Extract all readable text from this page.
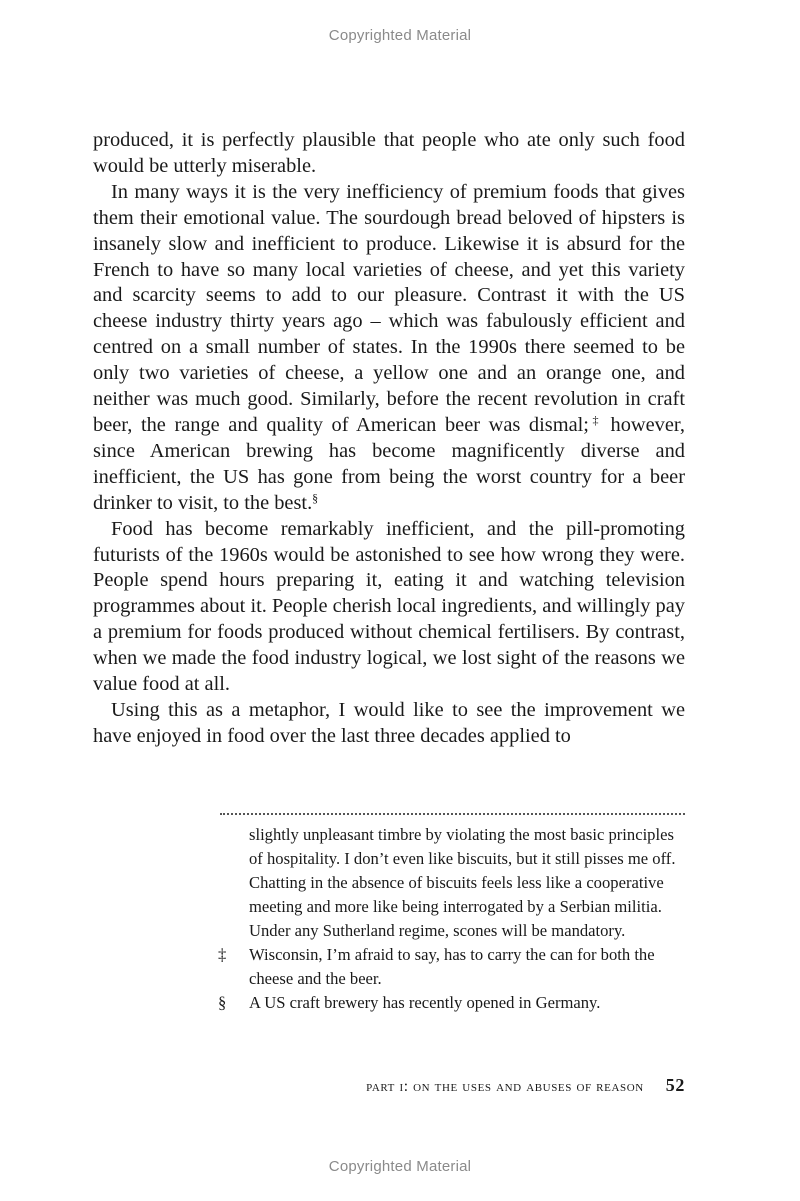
Copyrighted Material

produced, it is perfectly plausible that people who ate only such food would be utterly miserable.

In many ways it is the very inefficiency of premium foods that gives them their emotional value. The sourdough bread beloved of hipsters is insanely slow and inefficient to produce. Likewise it is absurd for the French to have so many local varieties of cheese, and yet this variety and scarcity seems to add to our pleasure. Contrast it with the US cheese industry thirty years ago – which was fabulously efficient and centred on a small number of states. In the 1990s there seemed to be only two varieties of cheese, a yellow one and an orange one, and neither was much good. Similarly, before the recent revolution in craft beer, the range and quality of American beer was dismal;‡ however, since American brewing has become magnificently diverse and inefficient, the US has gone from being the worst country for a beer drinker to visit, to the best.§

Food has become remarkably inefficient, and the pill-promoting futurists of the 1960s would be astonished to see how wrong they were. People spend hours preparing it, eating it and watching television programmes about it. People cherish local ingredients, and willingly pay a premium for foods produced without chemical fertilisers. By contrast, when we made the food industry logical, we lost sight of the reasons we value food at all.

Using this as a metaphor, I would like to see the improvement we have enjoyed in food over the last three decades applied to

slightly unpleasant timbre by violating the most basic principles of hospitality. I don’t even like biscuits, but it still pisses me off. Chatting in the absence of biscuits feels less like a cooperative meeting and more like being interrogated by a Serbian militia. Under any Sutherland regime, scones will be mandatory.
‡	Wisconsin, I’m afraid to say, has to carry the can for both the cheese and the beer.
§	A US craft brewery has recently opened in Germany.
part i: on the uses and abuses of reason 52
Copyrighted Material
